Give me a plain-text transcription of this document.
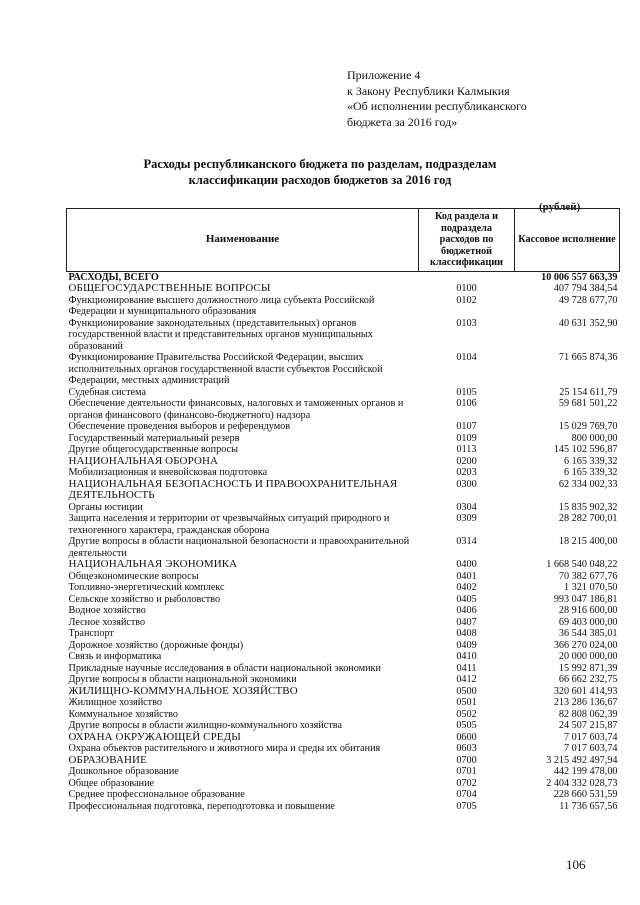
Приложение 4
к Закону Республики Калмыкия
«Об исполнении республиканского
бюджета за 2016 год»
Расходы республиканского бюджета по разделам, подразделам
классификации расходов бюджетов за 2016 год
(рублей)
Наименование	Код раздела и подраздела расходов по бюджетной классификации	Кассовое исполнение
РАСХОДЫ, ВСЕГО		10 006 557 663,39
ОБЩЕГОСУДАРСТВЕННЫЕ ВОПРОСЫ	0100	407 794 384,54
Функционирование высшего должностного лица субъекта Российской Федерации и муниципального образования	0102	49 728 677,70
Функционирование законодательных (представительных) органов государственной власти и представительных органов муниципальных образований	0103	40 631 352,90
Функционирование Правительства Российской Федерации, высших исполнительных органов государственной власти субъектов Российской Федерации, местных администраций	0104	71 665 874,36
Судебная система	0105	25 154 611,79
Обеспечение деятельности финансовых, налоговых и таможенных органов и органов финансового (финансово-бюджетного) надзора	0106	59 681 501,22
Обеспечение проведения выборов и референдумов	0107	15 029 769,70
Государственный материальный резерв	0109	800 000,00
Другие общегосударственные вопросы	0113	145 102 596,87
НАЦИОНАЛЬНАЯ ОБОРОНА	0200	6 165 339,32
Мобилизационная и вневойсковая подготовка	0203	6 165 339,32
НАЦИОНАЛЬНАЯ БЕЗОПАСНОСТЬ И ПРАВООХРАНИТЕЛЬНАЯ ДЕЯТЕЛЬНОСТЬ	0300	62 334 002,33
Органы юстиции	0304	15 835 902,32
Защита населения и территории от чрезвычайных ситуаций природного и техногенного характера, гражданская оборона	0309	28 282 700,01
Другие вопросы в области национальной безопасности и правоохранительной деятельности	0314	18 215 400,00
НАЦИОНАЛЬНАЯ ЭКОНОМИКА	0400	1 668 540 048,22
Общеэкономические вопросы	0401	70 382 677,76
Топливно-энергетический комплекс	0402	1 321 070,50
Сельское хозяйство и рыболовство	0405	993 047 186,81
Водное хозяйство	0406	28 916 600,00
Лесное хозяйство	0407	69 403 000,00
Транспорт	0408	36 544 385,01
Дорожное хозяйство (дорожные фонды)	0409	366 270 024,00
Связь и информатика	0410	20 000 000,00
Прикладные научные исследования в области национальной экономики	0411	15 992 871,39
Другие вопросы в области национальной экономики	0412	66 662 232,75
ЖИЛИЩНО-КОММУНАЛЬНОЕ ХОЗЯЙСТВО	0500	320 601 414,93
Жилищное хозяйство	0501	213 286 136,67
Коммунальное хозяйство	0502	82 808 062,39
Другие вопросы в области жилищно-коммунального хозяйства	0505	24 507 215,87
ОХРАНА ОКРУЖАЮЩЕЙ СРЕДЫ	0600	7 017 603,74
Охрана объектов растительного и животного мира и среды их обитания	0603	7 017 603,74
ОБРАЗОВАНИЕ	0700	3 215 492 497,94
Дошкольное образование	0701	442 199 478,00
Общее образование	0702	2 404 332 028,73
Среднее профессиональное образование	0704	228 660 531,59
Профессиональная подготовка, переподготовка и повышение	0705	11 736 657,56
106
